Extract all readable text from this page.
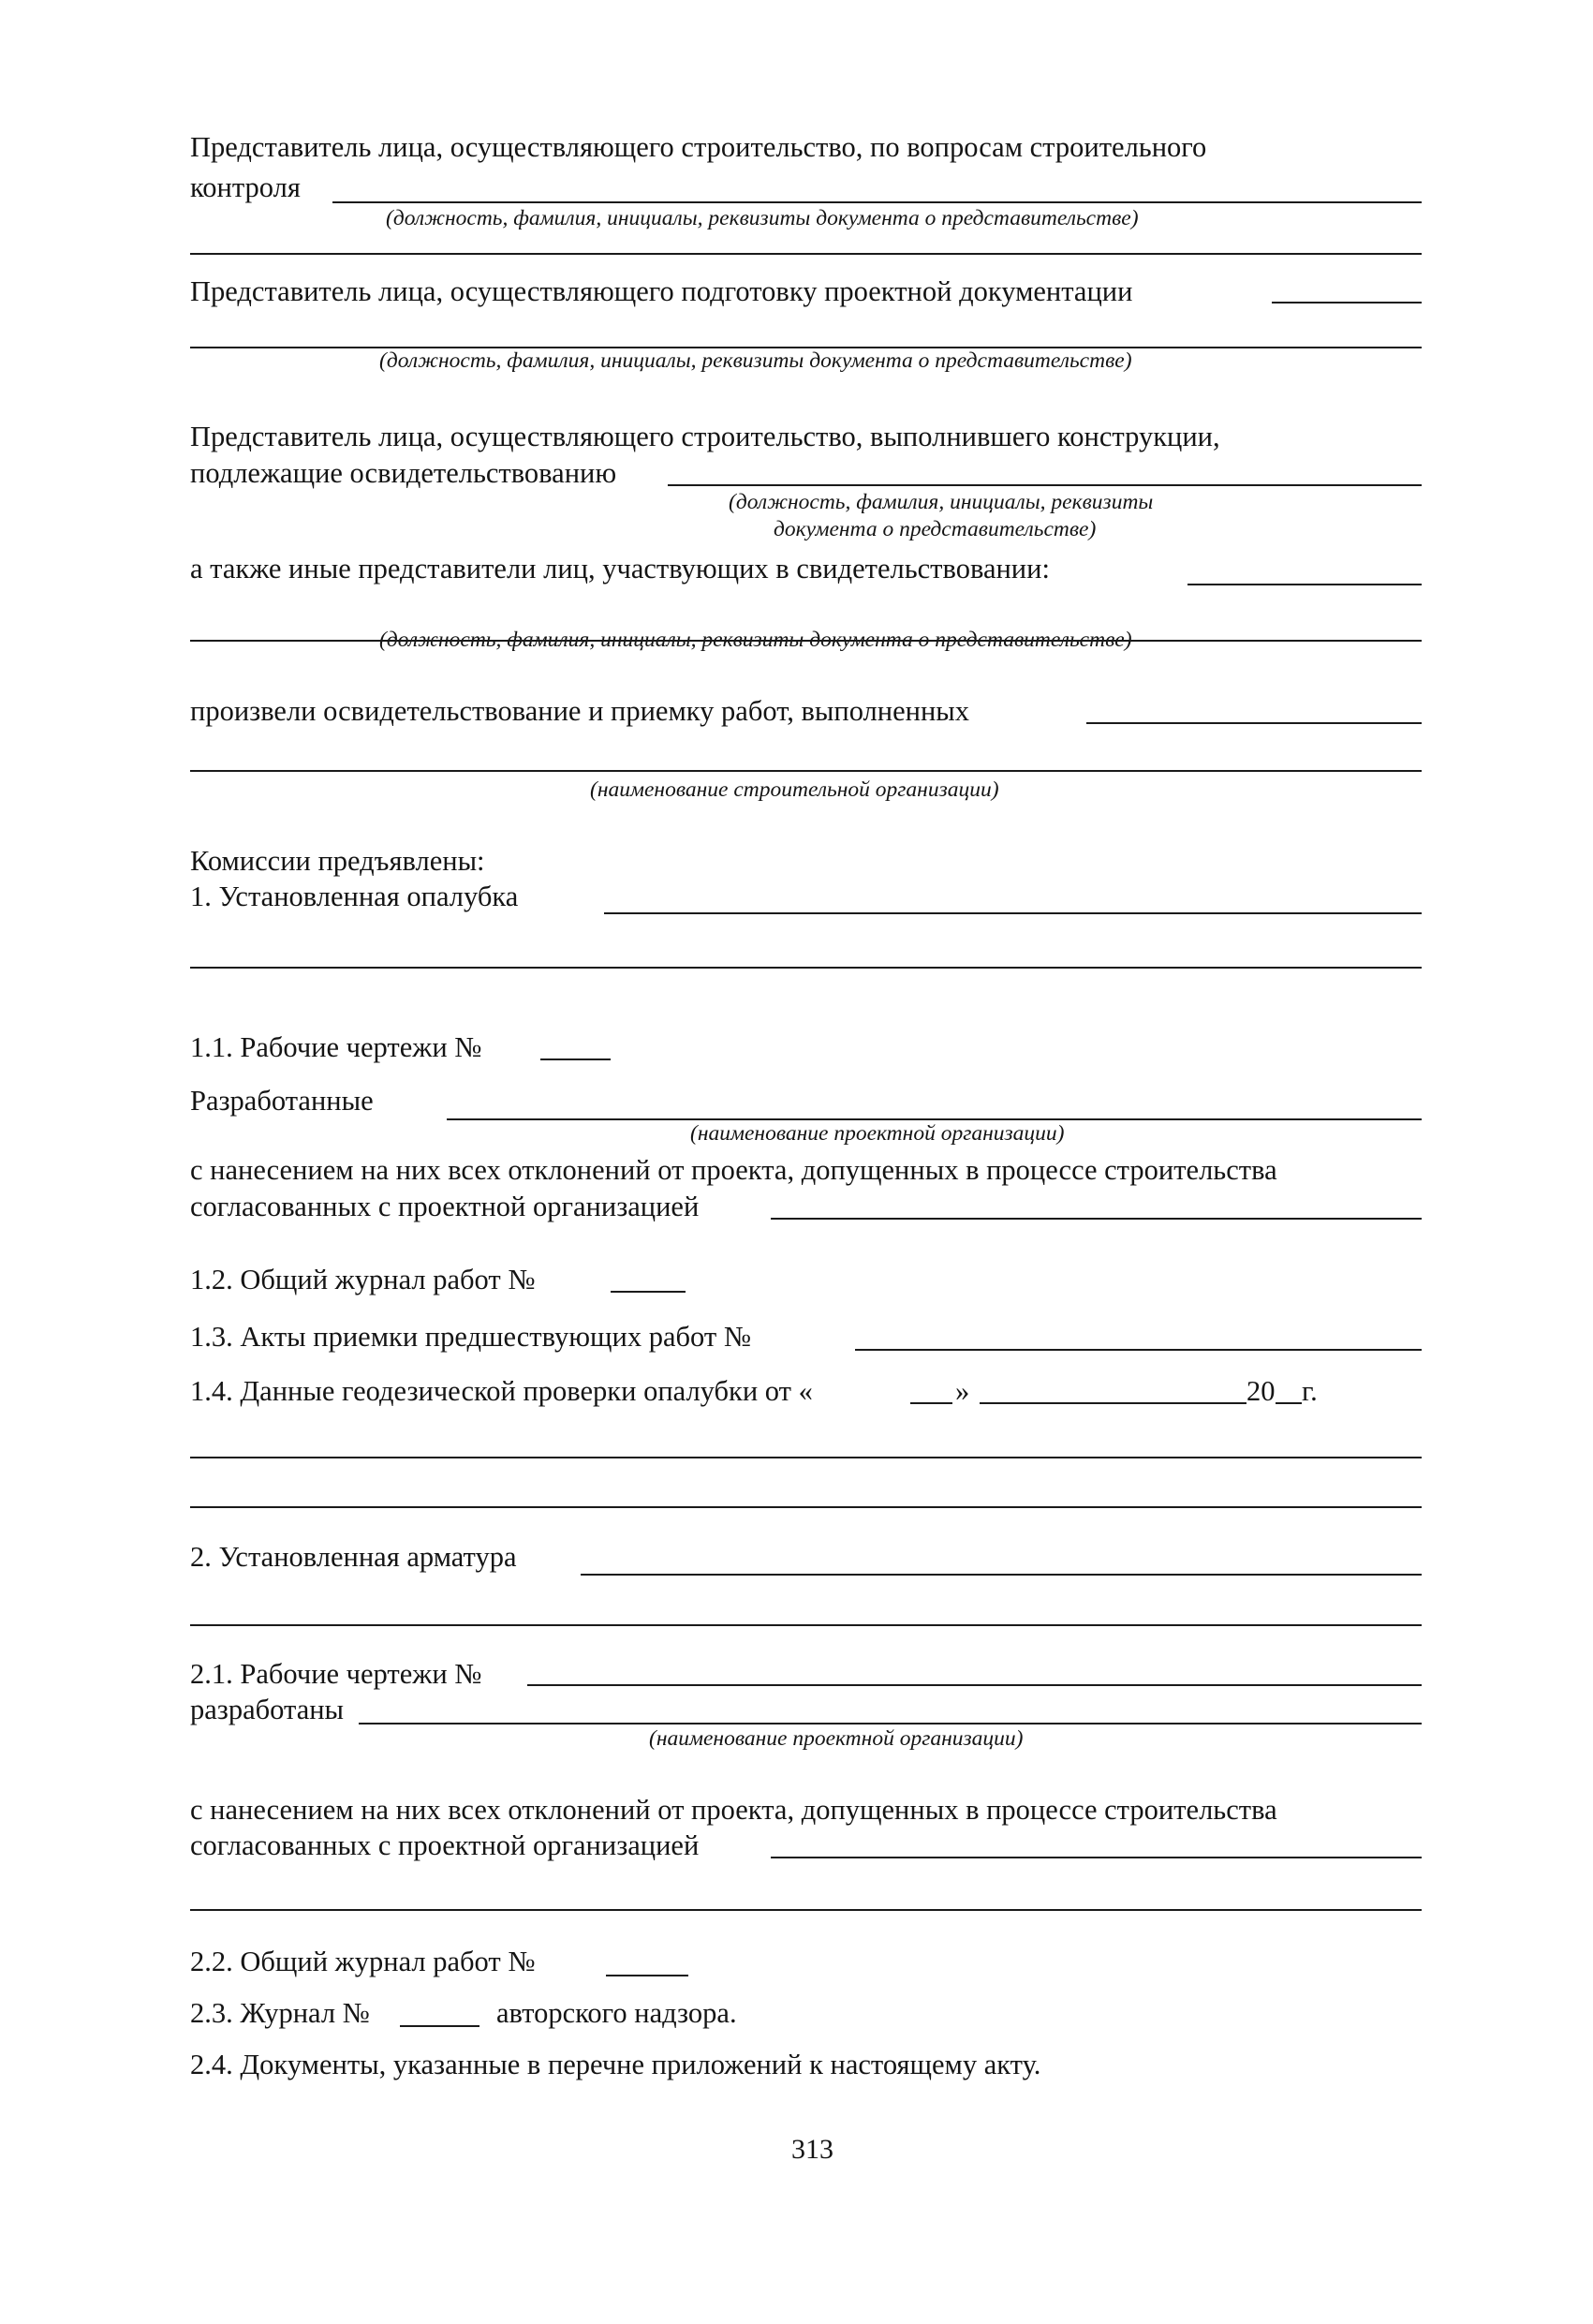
Представитель лица, осуществляющего строительство, по вопросам строительного
контроля
(должность, фамилия, инициалы, реквизиты документа о представительстве)
Представитель лица, осуществляющего подготовку проектной документации
(должность, фамилия, инициалы, реквизиты документа о представительстве)
Представитель лица, осуществляющего строительство, выполнившего конструкции,
подлежащие освидетельствованию
(должность, фамилия, инициалы, реквизиты
документа о представительстве)
а также иные представители лиц, участвующих в свидетельствовании:
(должность, фамилия, инициалы, реквизиты документа о представительстве)
произвели освидетельствование и приемку работ, выполненных
(наименование строительной организации)
Комиссии предъявлены:
1. Установленная опалубка
1.1. Рабочие чертежи №
Разработанные
(наименование проектной организации)
с нанесением на них всех отклонений от проекта, допущенных в процессе строительства
согласованных с проектной организацией
1.2. Общий журнал работ №
1.3. Акты приемки предшествующих работ №
1.4. Данные геодезической проверки опалубки от «	»	20 г.
2. Установленная арматура
2.1. Рабочие чертежи №
разработаны
(наименование проектной организации)
с нанесением на них всех отклонений от проекта, допущенных в процессе строительства
согласованных с проектной организацией
2.2. Общий журнал работ №
2.3. Журнал №	авторского надзора.
2.4. Документы, указанные в перечне приложений к настоящему акту.
313
